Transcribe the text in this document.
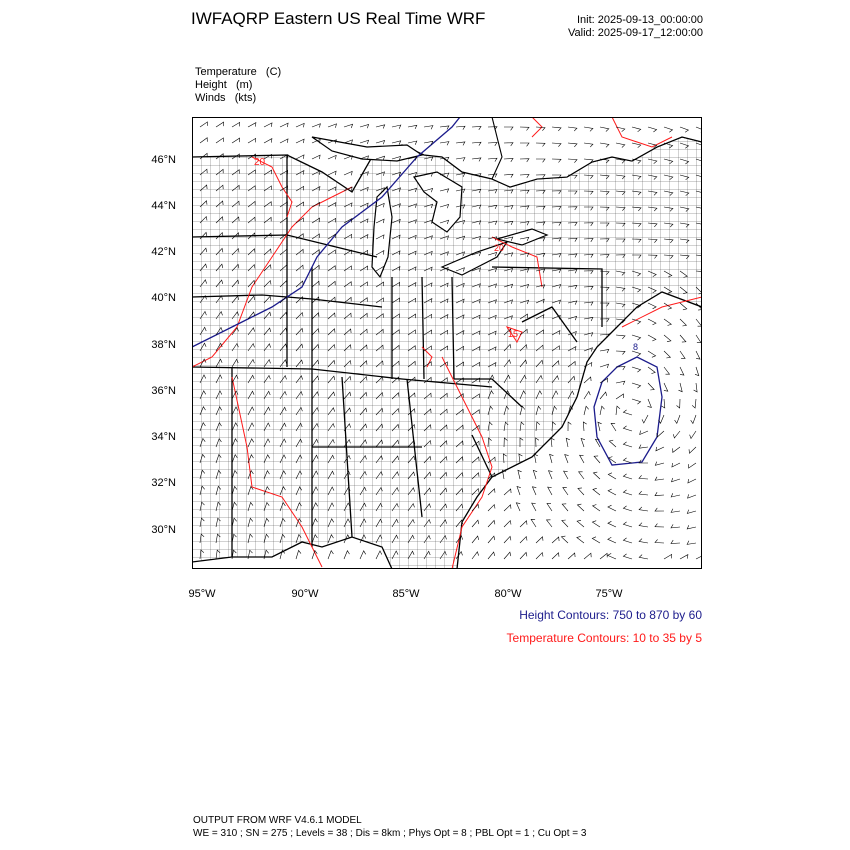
IWFAQRP Eastern US Real Time WRF	Init: 2025-09-13_00:00:00
Valid: 2025-09-17_12:00:00
Temperature   (C)
Height   (m)
Winds   (kts)
20
20
15
8
46°N
44°N
42°N
40°N
38°N
36°N
34°N
32°N
30°N
95°W	90°W	85°W	80°W	75°W
Height Contours: 750 to 870 by 60
Temperature Contours: 10 to 35 by 5
OUTPUT FROM WRF V4.6.1 MODEL
WE = 310 ; SN = 275 ; Levels = 38 ; Dis = 8km ; Phys Opt = 8 ; PBL Opt = 1 ; Cu Opt = 3
